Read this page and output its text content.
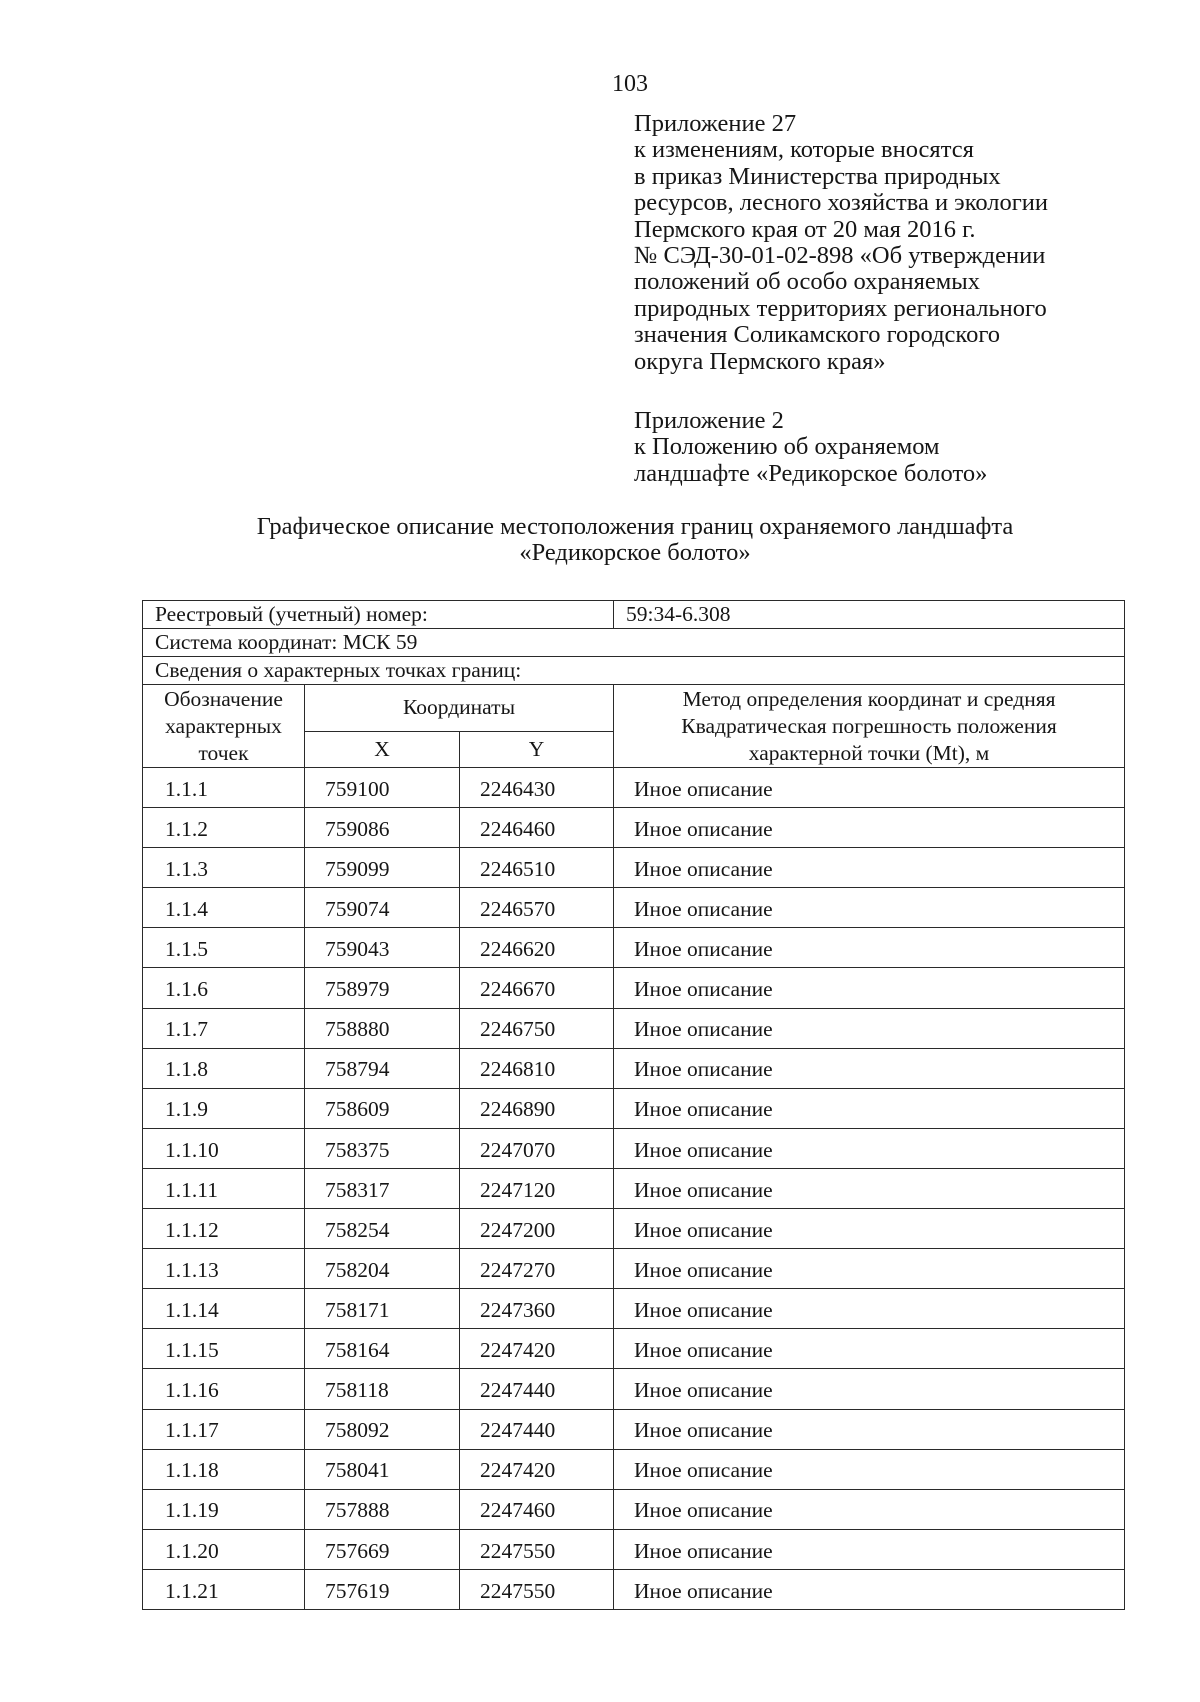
103
Приложение 27
к изменениям, которые вносятся
в приказ Министерства природных
ресурсов, лесного хозяйства и экологии
Пермского края от 20 мая 2016 г.
№ СЭД-30-01-02-898 «Об утверждении
положений об особо охраняемых
природных территориях регионального
значения Соликамского городского
округа Пермского края»
Приложение 2
к Положению об охраняемом
ландшафте «Редикорское болото»
Графическое описание местоположения границ охраняемого ландшафта
«Редикорское болото»
Реестровый (учетный) номер:			59:34-6.308
Система координат: МСК 59			
Сведения о характерных точках границ:			
Обозначение характерных точек	Координаты		Метод определения координат и средняя Квадратическая погрешность положения характерной точки (Mt), м
	X	Y	
1.1.1	759100	2246430	Иное описание
1.1.2	759086	2246460	Иное описание
1.1.3	759099	2246510	Иное описание
1.1.4	759074	2246570	Иное описание
1.1.5	759043	2246620	Иное описание
1.1.6	758979	2246670	Иное описание
1.1.7	758880	2246750	Иное описание
1.1.8	758794	2246810	Иное описание
1.1.9	758609	2246890	Иное описание
1.1.10	758375	2247070	Иное описание
1.1.11	758317	2247120	Иное описание
1.1.12	758254	2247200	Иное описание
1.1.13	758204	2247270	Иное описание
1.1.14	758171	2247360	Иное описание
1.1.15	758164	2247420	Иное описание
1.1.16	758118	2247440	Иное описание
1.1.17	758092	2247440	Иное описание
1.1.18	758041	2247420	Иное описание
1.1.19	757888	2247460	Иное описание
1.1.20	757669	2247550	Иное описание
1.1.21	757619	2247550	Иное описание
